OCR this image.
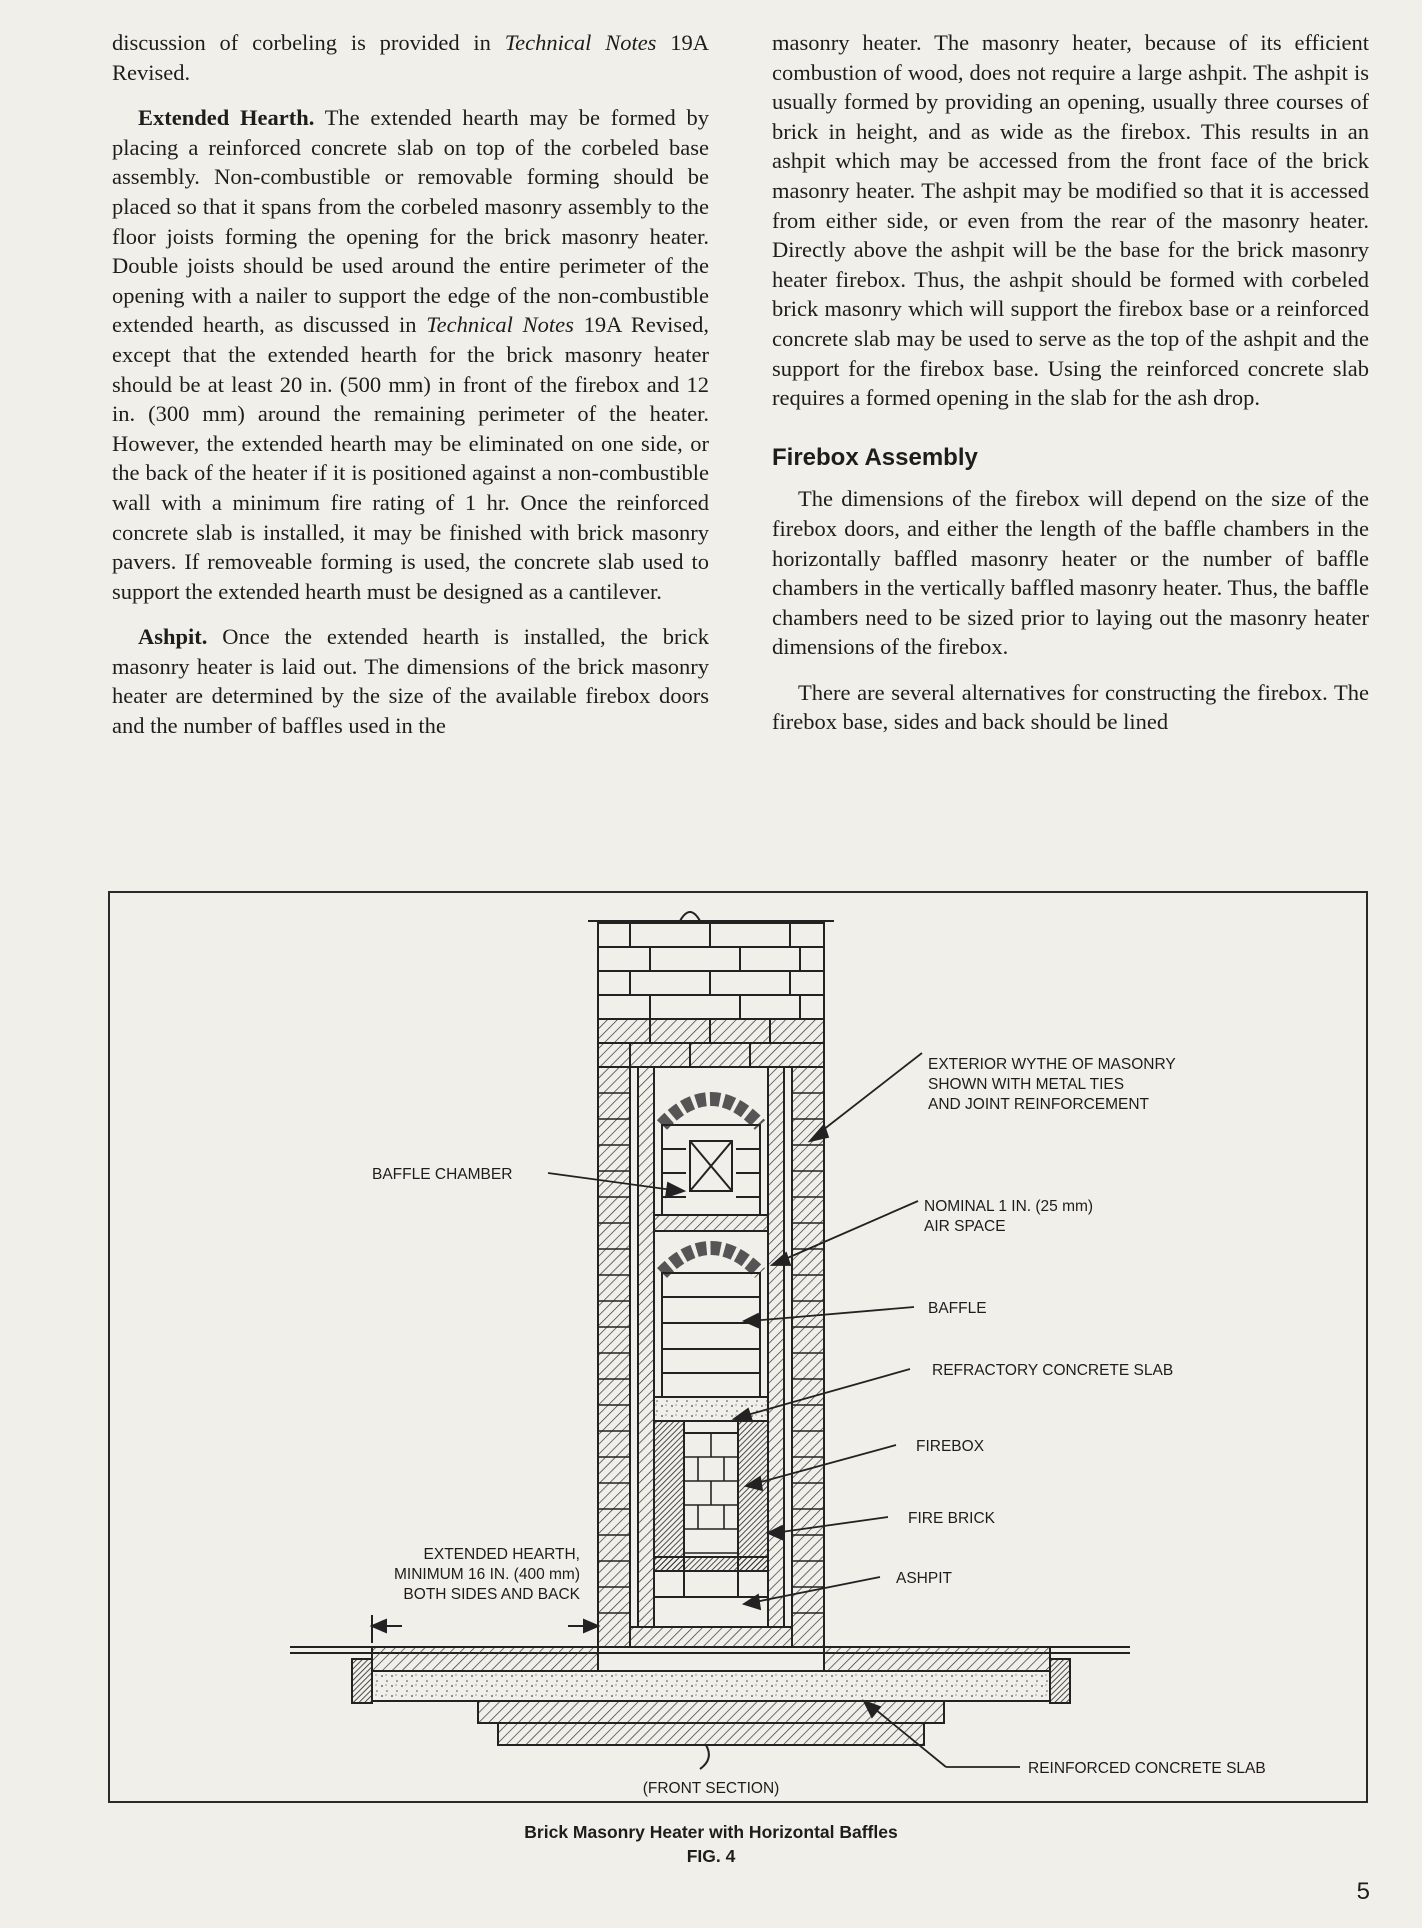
discussion of corbeling is provided in Technical Notes 19A Revised.

Extended Hearth. The extended hearth may be formed by placing a reinforced concrete slab on top of the corbeled base assembly. Non-combustible or removable forming should be placed so that it spans from the corbeled masonry assembly to the floor joists forming the opening for the brick masonry heater. Double joists should be used around the entire perimeter of the opening with a nailer to support the edge of the non-combustible extended hearth, as discussed in Technical Notes 19A Revised, except that the extended hearth for the brick masonry heater should be at least 20 in. (500 mm) in front of the firebox and 12 in. (300 mm) around the remaining perimeter of the heater. However, the extended hearth may be eliminated on one side, or the back of the heater if it is positioned against a non-combustible wall with a minimum fire rating of 1 hr. Once the reinforced concrete slab is installed, it may be finished with brick masonry pavers. If removeable forming is used, the concrete slab used to support the extended hearth must be designed as a cantilever.

Ashpit. Once the extended hearth is installed, the brick masonry heater is laid out. The dimensions of the brick masonry heater are determined by the size of the available firebox doors and the number of baffles used in the

masonry heater. The masonry heater, because of its efficient combustion of wood, does not require a large ashpit. The ashpit is usually formed by providing an opening, usually three courses of brick in height, and as wide as the firebox. This results in an ashpit which may be accessed from the front face of the brick masonry heater. The ashpit may be modified so that it is accessed from either side, or even from the rear of the masonry heater. Directly above the ashpit will be the base for the brick masonry heater firebox. Thus, the ashpit should be formed with corbeled brick masonry which will support the firebox base or a reinforced concrete slab may be used to serve as the top of the ashpit and the support for the firebox base. Using the reinforced concrete slab requires a formed opening in the slab for the ash drop.

Firebox Assembly

The dimensions of the firebox will depend on the size of the firebox doors, and either the length of the baffle chambers in the horizontally baffled masonry heater or the number of baffle chambers in the vertically baffled masonry heater. Thus, the baffle chambers need to be sized prior to laying out the masonry heater dimensions of the firebox.

There are several alternatives for constructing the firebox. The firebox base, sides and back should be lined

EXTERIOR WYTHE OF MASONRY
SHOWN WITH METAL TIES
AND JOINT REINFORCEMENT
BAFFLE CHAMBER
NOMINAL 1 IN. (25 mm)
AIR SPACE
BAFFLE
REFRACTORY CONCRETE SLAB
FIREBOX
FIRE BRICK
ASHPIT
EXTENDED HEARTH,
MINIMUM 16 IN. (400 mm)
BOTH SIDES AND BACK
REINFORCED CONCRETE SLAB
(FRONT SECTION)
Brick Masonry Heater with Horizontal Baffles
FIG. 4
5
